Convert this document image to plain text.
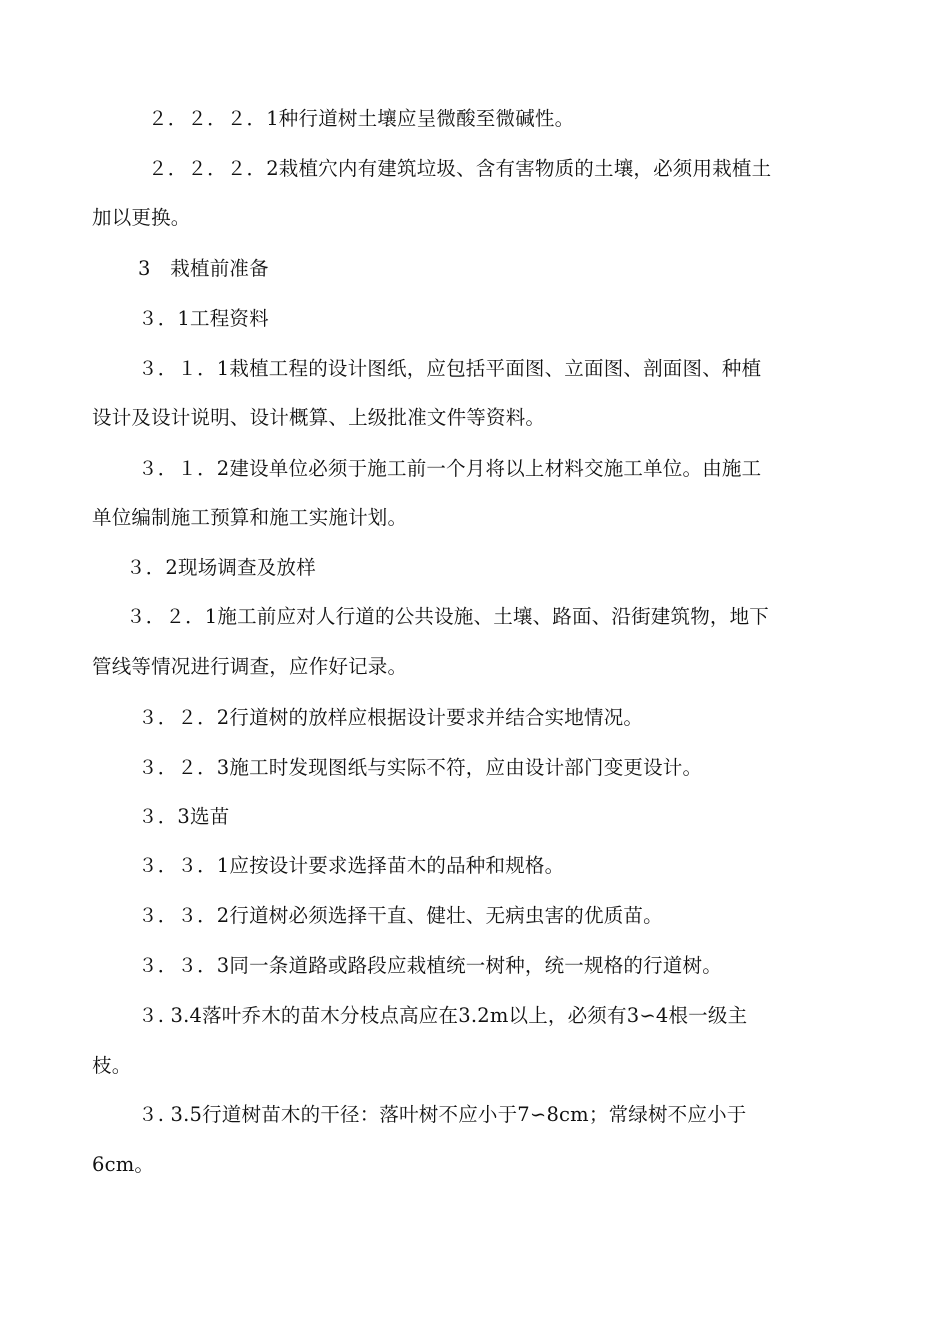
２．２．２．1种行道树土壤应呈微酸至微碱性。
２．２．２．2栽植穴内有建筑垃圾、含有害物质的土壤，必须用栽植土
加以更换。
3　栽植前准备
３．1工程资料
３．１．1栽植工程的设计图纸，应包括平面图、立面图、剖面图、种植
设计及设计说明、设计概算、上级批准文件等资料。
３．１．2建设单位必须于施工前一个月将以上材料交施工单位。由施工
单位编制施工预算和施工实施计划。
３．2现场调查及放样
３．２．1施工前应对人行道的公共设施、土壤、路面、沿街建筑物，地下
管线等情况进行调查，应作好记录。
３．２．2行道树的放样应根据设计要求并结合实地情况。
３．２．3施工时发现图纸与实际不符，应由设计部门变更设计。
３．3选苗
３．３．1应按设计要求选择苗木的品种和规格。
３．３．2行道树必须选择干直、健壮、无病虫害的优质苗。
３．３．3同一条道路或路段应栽植统一树种，统一规格的行道树。
３. 3.4落叶乔木的苗木分枝点高应在3.2m以上，必须有3∽4根一级主
枝。
３. 3.5行道树苗木的干径：落叶树不应小于7∽8cm；常绿树不应小于
6cm。
